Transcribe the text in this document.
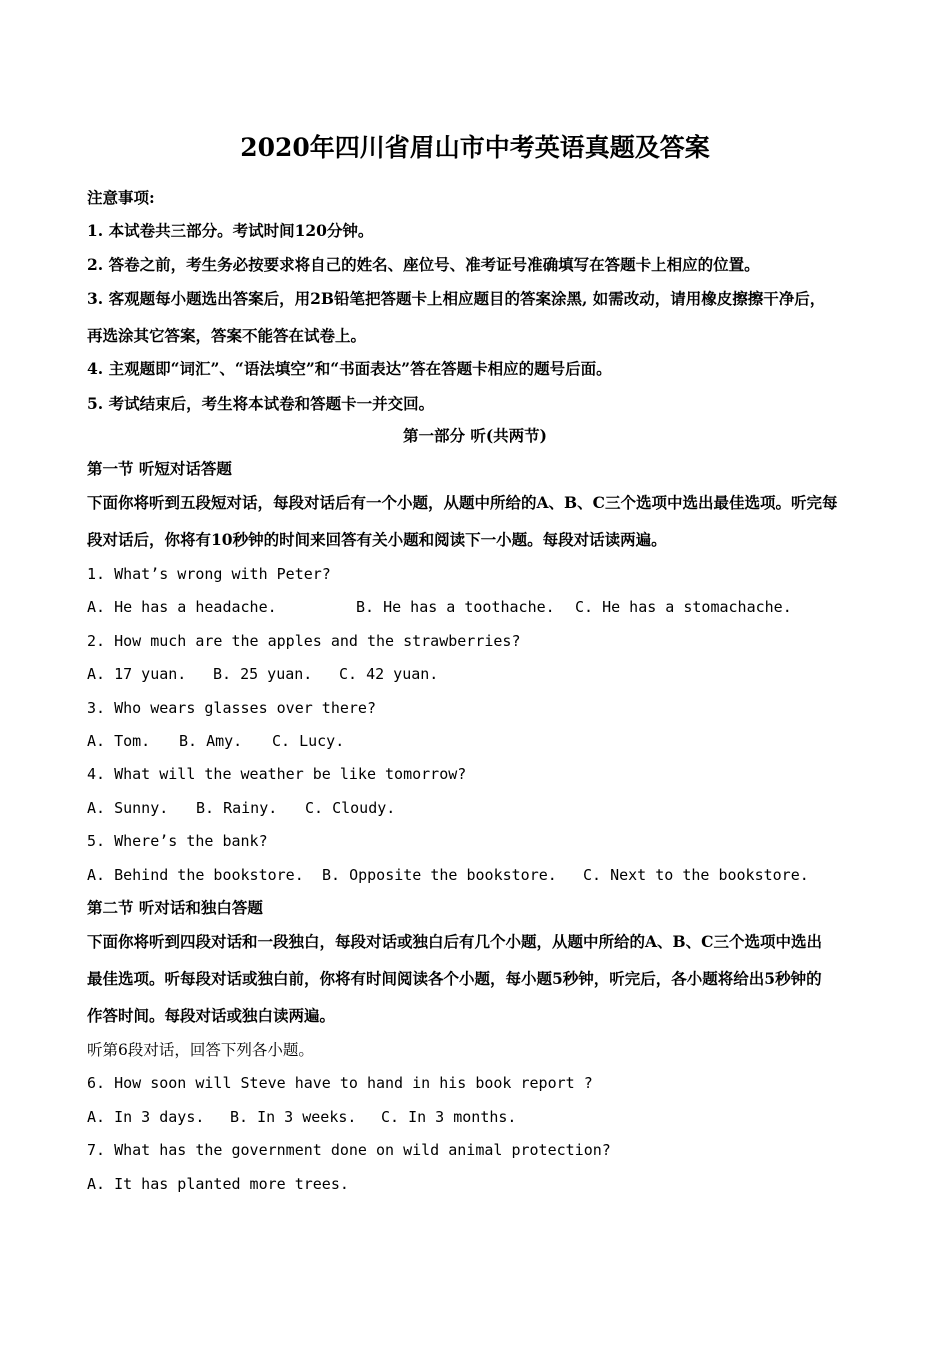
2020年四川省眉山市中考英语真题及答案
注意事项:
1. 本试卷共三部分。考试时间120分钟。
2. 答卷之前，考生务必按要求将自己的姓名、座位号、准考证号准确填写在答题卡上相应的位置。
3. 客观题每小题选出答案后，用2B铅笔把答题卡上相应题目的答案涂黑, 如需改动，请用橡皮擦擦干净后，
再选涂其它答案，答案不能答在试卷上。
4. 主观题即“词汇”、“语法填空”和“书面表达”答在答题卡相应的题号后面。
5. 考试结束后，考生将本试卷和答题卡一并交回。
第一部分 听(共两节)
第一节 听短对话答题
下面你将听到五段短对话，每段对话后有一个小题，从题中所给的A、B、C三个选项中选出最佳选项。听完每
段对话后，你将有10秒钟的时间来回答有关小题和阅读下一小题。每段对话读两遍。
1. What’s wrong with Peter?
A. He has a headache.	B. He has a toothache. C. He has a stomachache.
2. How much are the apples and the strawberries?
A. 17 yuan. B. 25 yuan. C. 42 yuan.
3. Who wears glasses over there?
A. Tom. B. Amy. C. Lucy.
4. What will the weather be like tomorrow?
A. Sunny. B. Rainy. C. Cloudy.
5. Where’s the bank?
A. Behind the bookstore. B. Opposite the bookstore. C. Next to the bookstore.
第二节 听对话和独白答题
下面你将听到四段对话和一段独白，每段对话或独白后有几个小题，从题中所给的A、B、C三个选项中选出
最佳选项。听每段对话或独白前，你将有时间阅读各个小题，每小题5秒钟，听完后，各小题将给出5秒钟的
作答时间。每段对话或独白读两遍。
听第6段对话，回答下列各小题。
6. How soon will Steve have to hand in his book report ?
A. In 3 days. B. In 3 weeks. C. In 3 months.
7. What has the government done on wild animal protection?
A. It has planted more trees.
